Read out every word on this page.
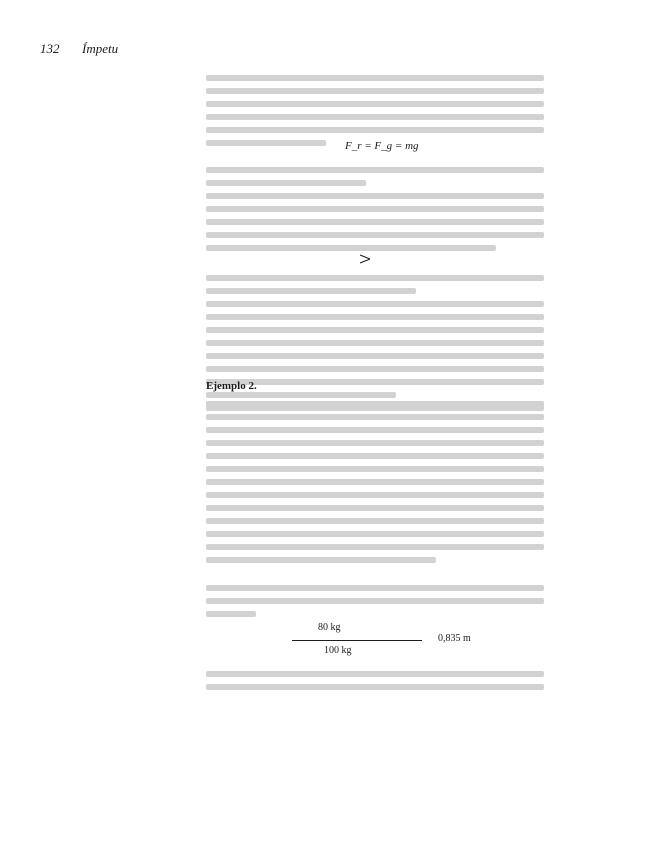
132 Ímpetu
F_r = F_g = mg
Ejemplo 2.
80 kg
100 kg
0,835 m
